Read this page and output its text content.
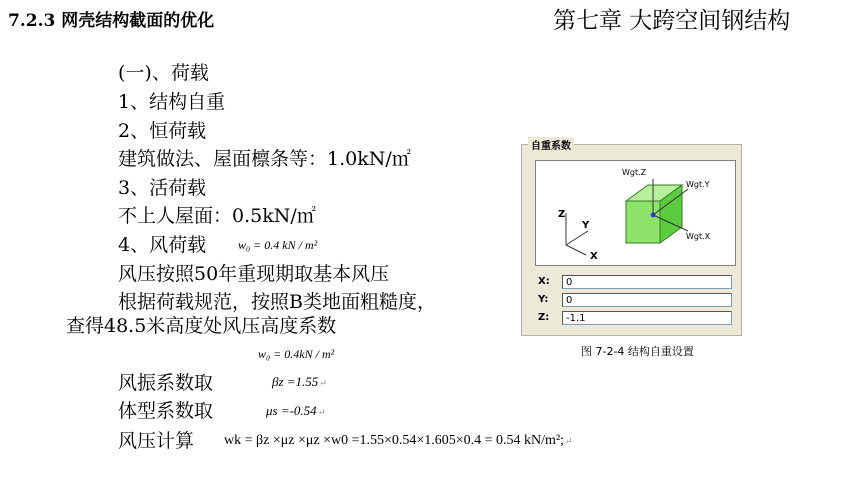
7.2.3 网壳结构截面的优化	第七章 大跨空间钢结构
(一)、荷载
1、结构自重
2、恒荷载
建筑做法、屋面檩条等：1.0kN/㎡
3、活荷载
不上人屋面：0.5kN/㎡
4、风荷载	w₀ = 0.4 kN / m²
风压按照50年重现期取基本风压
根据荷载规范，按照B类地面粗糙度，
查得48.5米高度处风压高度系数
w₀ = 0.4kN / m²
风振系数取	βz =1.55↵
体型系数取	μs =-0.54↵
风压计算 wk = βz ×μz ×μz ×w0 =1.55×0.54×1.605×0.4 = 0.54 kN/m²;↵
自重系数
Z
Y
X
Wgt.Z
Wgt.Y
Wgt.X
X:	0
Y:	0
Z:	-1.1
图 7-2-4 结构自重设置
